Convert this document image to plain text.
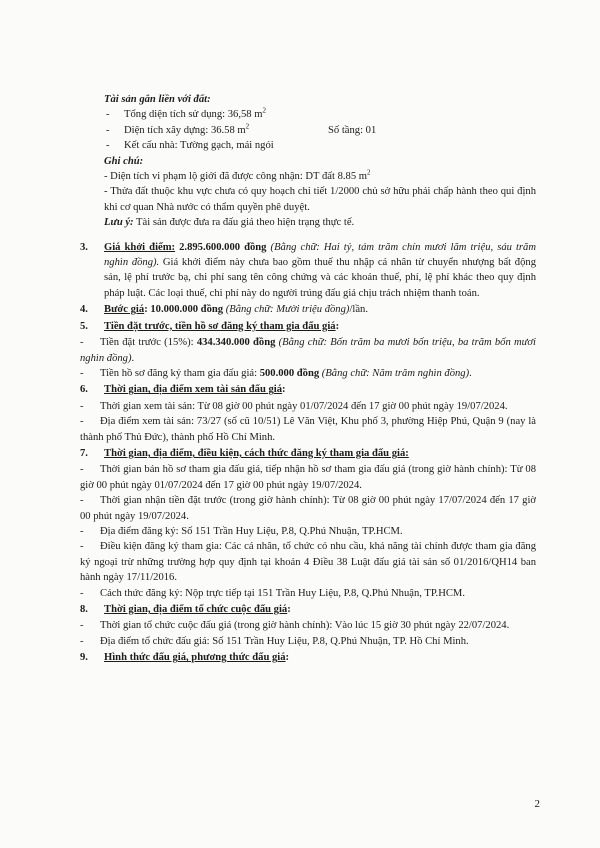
Tài sản gắn liền với đất:

- Tổng diện tích sử dụng: 36,58 $m^2$

-	Diện tích xây dựng: 36.58 $m^2$	Số tầng: 01

- Kết cấu nhà: Tường gạch, mái ngói

Ghi chú:

- Diện tích vi phạm lộ giới đã được công nhận: DT đất 8.85 $m^2$

- Thửa đất thuộc khu vực chưa có quy hoạch chi tiết 1/2000 chủ sở hữu phải chấp hành theo qui định khi cơ quan Nhà nước có thẩm quyền phê duyệt.

Lưu ý: Tài sản được đưa ra đấu giá theo hiện trạng thực tế.

3.	Giá khởi điểm: 2.895.600.000 đồng (Bằng chữ: Hai tỷ, tám trăm chín mươi lăm triệu, sáu trăm nghìn đồng). Giá khởi điểm này chưa bao gồm thuế thu nhập cá nhân từ chuyển nhượng bất động sản, lệ phí trước bạ, chi phí sang tên công chứng và các khoản thuế, phí, lệ phí khác theo quy định pháp luật. Các loại thuế, chi phí này do người trúng đấu giá chịu trách nhiệm thanh toán.
4.	Bước giá: 10.000.000 đồng (Bằng chữ: Mười triệu đồng)/lần.
5.	Tiền đặt trước, tiền hồ sơ đăng ký tham gia đấu giá:

- Tiền đặt trước (15%): 434.340.000 đồng (Bằng chữ: Bốn trăm ba mươi bốn triệu, ba trăm bốn mươi nghìn đồng).

- Tiền hồ sơ đăng ký tham gia đấu giá: 500.000 đồng (Bằng chữ: Năm trăm nghìn đồng).

6.	Thời gian, địa điểm xem tài sản đấu giá:

- Thời gian xem tài sản: Từ 08 giờ 00 phút ngày 01/07/2024 đến 17 giờ 00 phút ngày 19/07/2024.

- Địa điểm xem tài sản: 73/27 (số cũ 10/51) Lê Văn Việt, Khu phố 3, phường Hiệp Phú, Quận 9 (nay là thành phố Thủ Đức), thành phố Hồ Chí Minh.

7.	Thời gian, địa điểm, điều kiện, cách thức đăng ký tham gia đấu giá:

- Thời gian bán hồ sơ tham gia đấu giá, tiếp nhận hồ sơ tham gia đấu giá (trong giờ hành chính): Từ 08 giờ 00 phút ngày 01/07/2024 đến 17 giờ 00 phút ngày 19/07/2024.

- Thời gian nhận tiền đặt trước (trong giờ hành chính): Từ 08 giờ 00 phút ngày 17/07/2024 đến 17 giờ 00 phút ngày 19/07/2024.

- Địa điểm đăng ký: Số 151 Trần Huy Liệu, P.8, Q.Phú Nhuận, TP.HCM.

- Điều kiện đăng ký tham gia: Các cá nhân, tổ chức có nhu cầu, khả năng tài chính được tham gia đăng ký ngoại trừ những trường hợp quy định tại khoản 4 Điều 38 Luật đấu giá tài sản số 01/2016/QH14 ban hành ngày 17/11/2016.

- Cách thức đăng ký: Nộp trực tiếp tại 151 Trần Huy Liệu, P.8, Q.Phú Nhuận, TP.HCM.

8.	Thời gian, địa điểm tổ chức cuộc đấu giá:

- Thời gian tổ chức cuộc đấu giá (trong giờ hành chính): Vào lúc 15 giờ 30 phút ngày 22/07/2024.

- Địa điểm tổ chức đấu giá: Số 151 Trần Huy Liệu, P.8, Q.Phú Nhuận, TP. Hồ Chí Minh.

9.	Hình thức đấu giá, phương thức đấu giá:
2
